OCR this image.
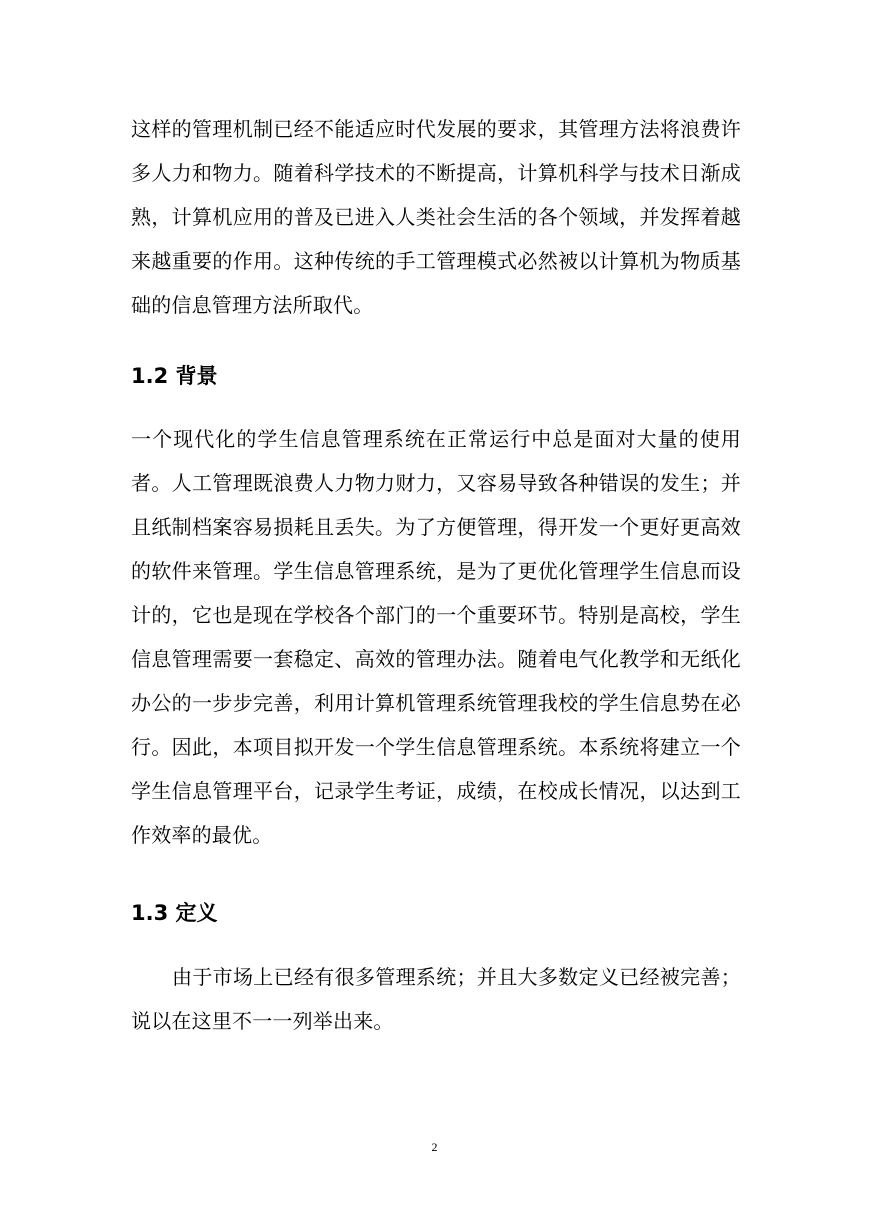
这样的管理机制已经不能适应时代发展的要求，其管理方法将浪费许
多人力和物力。随着科学技术的不断提高，计算机科学与技术日渐成
熟，计算机应用的普及已进入人类社会生活的各个领域，并发挥着越
来越重要的作用。这种传统的手工管理模式必然被以计算机为物质基
础的信息管理方法所取代。
1.2 背景
一个现代化的学生信息管理系统在正常运行中总是面对大量的使用
者。人工管理既浪费人力物力财力，又容易导致各种错误的发生；并
且纸制档案容易损耗且丢失。为了方便管理，得开发一个更好更高效
的软件来管理。学生信息管理系统，是为了更优化管理学生信息而设
计的，它也是现在学校各个部门的一个重要环节。特别是高校，学生
信息管理需要一套稳定、高效的管理办法。随着电气化教学和无纸化
办公的一步步完善，利用计算机管理系统管理我校的学生信息势在必
行。因此，本项目拟开发一个学生信息管理系统。本系统将建立一个
学生信息管理平台，记录学生考证，成绩，在校成长情况，以达到工
作效率的最优。
1.3 定义
由于市场上已经有很多管理系统；并且大多数定义已经被完善；
说以在这里不一一列举出来。
2
